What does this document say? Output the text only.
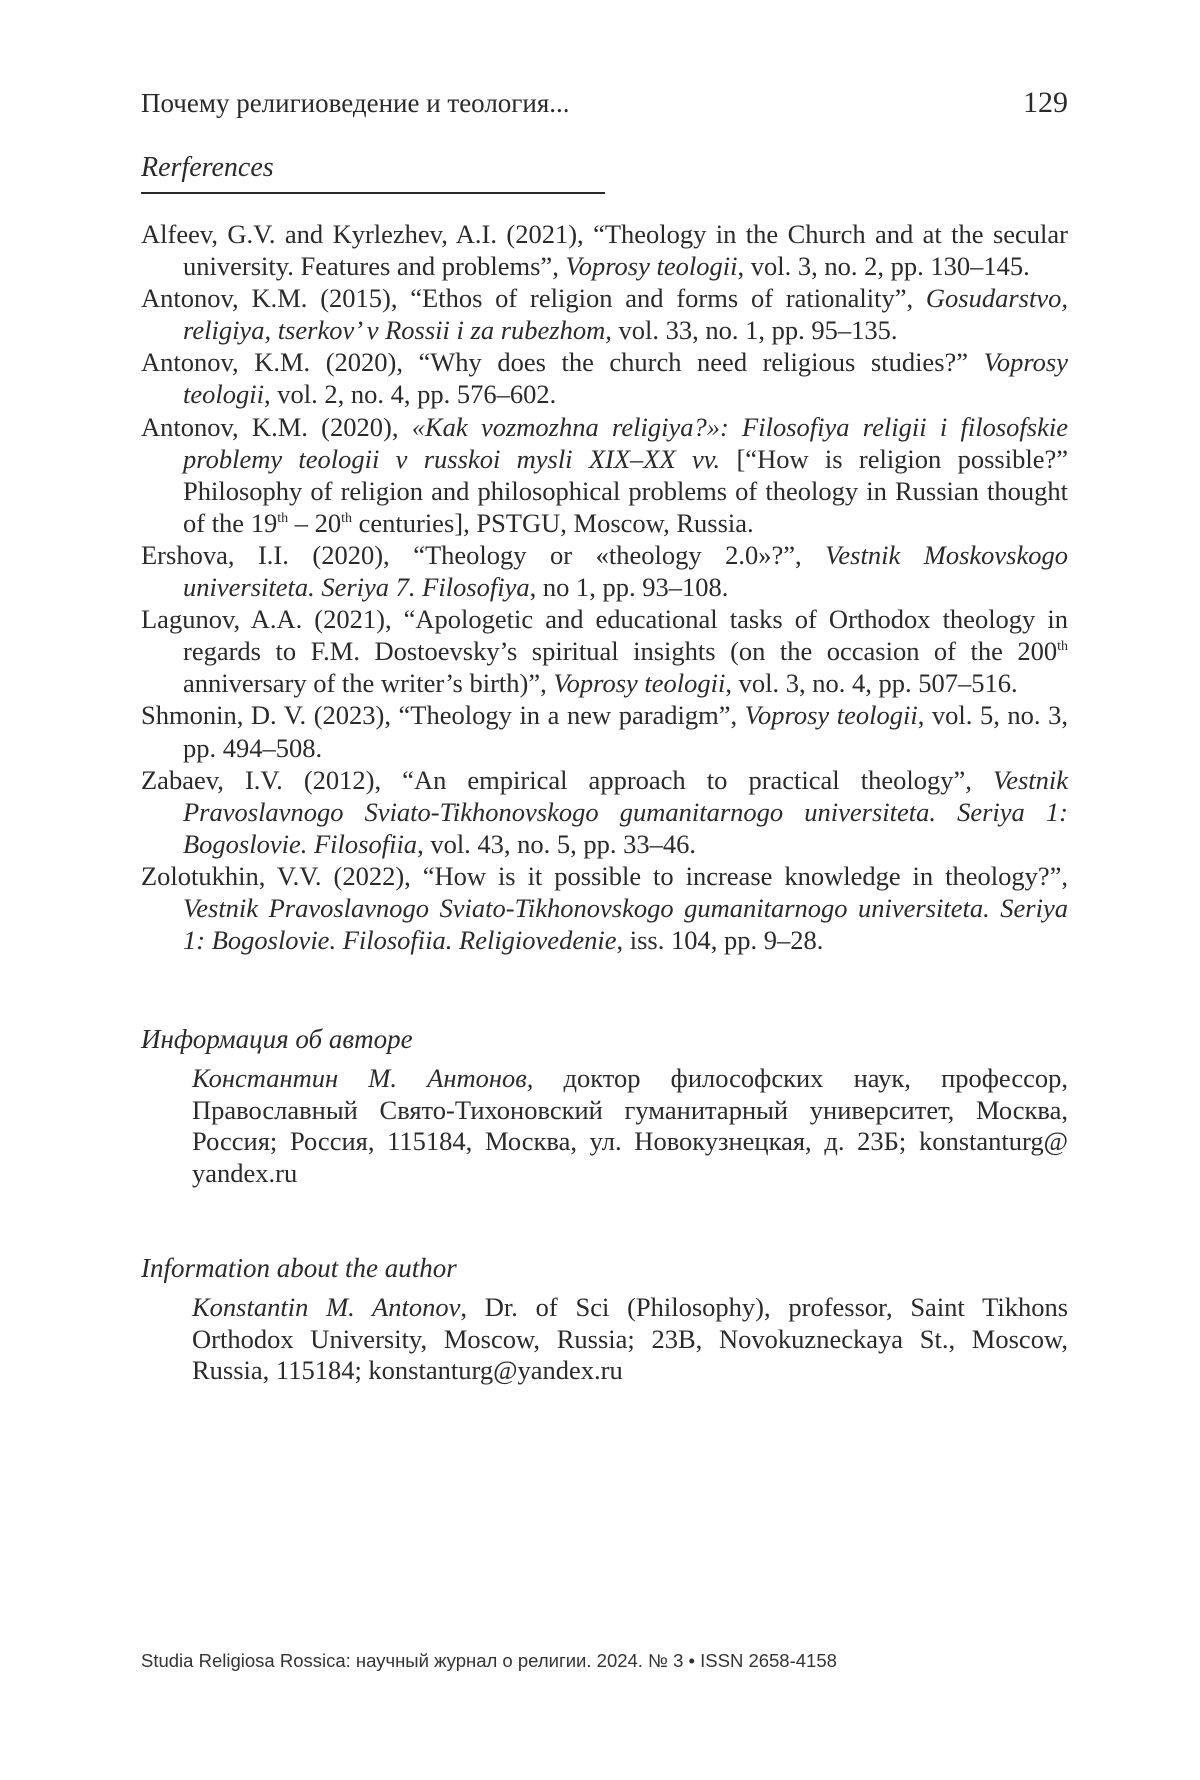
Почему религиоведение и теология...	129
Rerferences

Alfeev, G.V. and Kyrlezhev, A.I. (2021), “Theology in the Church and at the secular university. Features and problems”, Voprosy teologii, vol. 3, no. 2, pp. 130–145.

Antonov, K.M. (2015), “Ethos of religion and forms of rationality”, Gosudarstvo, religiya, tserkov’ v Rossii i za rubezhom, vol. 33, no. 1, pp. 95–135.

Antonov, K.M. (2020), “Why does the church need religious studies?” Voprosy teologii, vol. 2, no. 4, pp. 576–602.

Antonov, K.M. (2020), «Kak vozmozhna religiya?»: Filosofiya religii i filosofskie problemy teologii v russkoi mysli XIX–XX vv. [“How is religion possible?” Philosophy of religion and philosophical problems of theology in Russian thought of the 19th – 20th centuries], PSTGU, Moscow, Russia.

Ershova, I.I. (2020), “Theology or «theology 2.0»?”, Vestnik Moskovskogo universiteta. Seriya 7. Filosofiya, no 1, pp. 93–108.

Lagunov, A.A. (2021), “Apologetic and educational tasks of Orthodox theology in regards to F.M. Dostoevsky’s spiritual insights (on the occasion of the 200th anniversary of the writer’s birth)”, Voprosy teologii, vol. 3, no. 4, pp. 507–516.

Shmonin, D. V. (2023), “Theology in a new paradigm”, Voprosy teologii, vol. 5, no. 3, pp. 494–508.

Zabaev, I.V. (2012), “An empirical approach to practical theology”, Vestnik Pravoslavnogo Sviato-Tikhonovskogo gumanitarnogo universiteta. Seriya 1: Bogoslovie. Filosofiia, vol. 43, no. 5, pp. 33–46.

Zolotukhin, V.V. (2022), “How is it possible to increase knowledge in theology?”, Vestnik Pravoslavnogo Sviato-Tikhonovskogo gumanitarnogo universiteta. Seriya 1: Bogoslovie. Filosofiia. Religiovedenie, iss. 104, pp. 9–28.

Информация об авторе
Константин М. Антонов, доктор философских наук, профессор, Православный Свято-Тихоновский гуманитарный университет, Москва, Россия; Россия, 115184, Москва, ул. Новокузнецкая, д. 23Б; konstanturg@ yandex.ru
Information about the author
Konstantin M. Antonov, Dr. of Sci (Philosophy), professor, Saint Tikhons Orthodox University, Moscow, Russia; 23B, Novokuzneckaya St., Moscow, Russia, 115184; konstanturg@yandex.ru
Studia Religiosa Rossica: научный журнал о религии. 2024. № 3 • ISSN 2658-4158
